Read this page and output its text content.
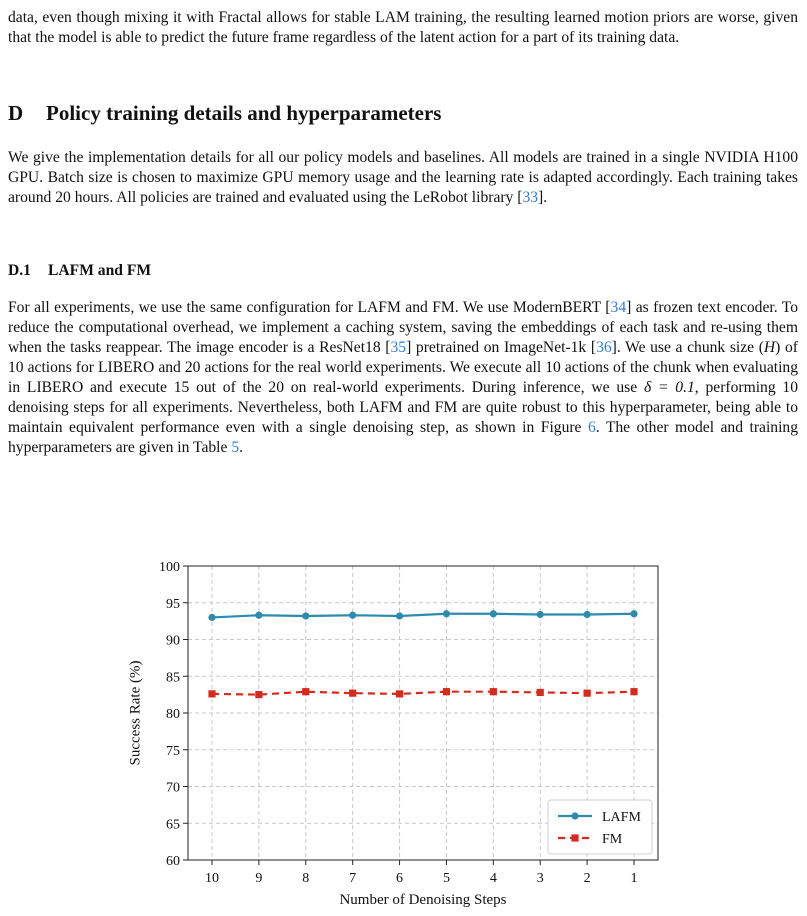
data, even though mixing it with Fractal allows for stable LAM training, the resulting learned motion priors are worse, given that the model is able to predict the future frame regardless of the latent action for a part of its training data.

D Policy training details and hyperparameters

We give the implementation details for all our policy models and baselines. All models are trained in a single NVIDIA H100 GPU. Batch size is chosen to maximize GPU memory usage and the learning rate is adapted accordingly. Each training takes around 20 hours. All policies are trained and evaluated using the LeRobot library [33].

D.1 LAFM and FM

For all experiments, we use the same configuration for LAFM and FM. We use ModernBERT [34] as frozen text encoder. To reduce the computational overhead, we implement a caching system, saving the embeddings of each task and re-using them when the tasks reappear. The image encoder is a ResNet18 [35] pretrained on ImageNet-1k [36]. We use a chunk size (H) of 10 actions for LIBERO and 20 actions for the real world experiments. We execute all 10 actions of the chunk when evaluating in LIBERO and execute 15 out of the 20 on real-world experiments. During inference, we use δ = 0.1, performing 10 denoising steps for all experiments. Nevertheless, both LAFM and FM are quite robust to this hyperparameter, being able to maintain equivalent performance even with a single denoising step, as shown in Figure 6. The other model and training hyperparameters are given in Table 5.

60
65
70
75
80
85
90
95
100
10	9	8	7	6	5	4	3	2	1
Number of Denoising Steps
Success Rate (%)
LAFM
FM
